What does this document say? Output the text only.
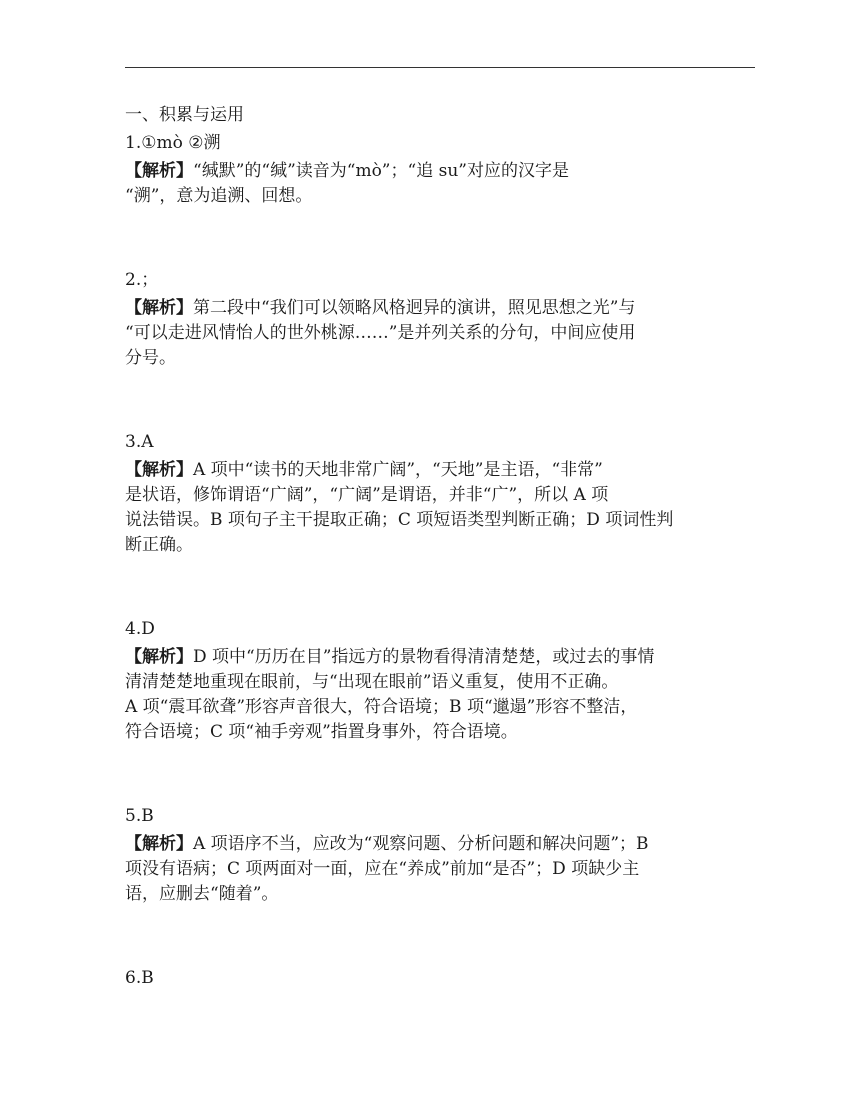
一、积累与运用
1.①mò ②溯
【解析】“缄默”的“缄”读音为“mò”；“追 su”对应的汉字是
“溯”，意为追溯、回想。
2.；
【解析】第二段中“我们可以领略风格迥异的演讲，照见思想之光”与
“可以走进风情怡人的世外桃源……”是并列关系的分句，中间应使用
分号。
3.A
【解析】A 项中“读书的天地非常广阔”，“天地”是主语，“非常”
是状语，修饰谓语“广阔”，“广阔”是谓语，并非“广”，所以 A 项
说法错误。B 项句子主干提取正确；C 项短语类型判断正确；D 项词性判
断正确。
4.D
【解析】D 项中“历历在目”指远方的景物看得清清楚楚，或过去的事情
清清楚楚地重现在眼前，与“出现在眼前”语义重复，使用不正确。
A 项“震耳欲聋”形容声音很大，符合语境；B 项“邋遢”形容不整洁，
符合语境；C 项“袖手旁观”指置身事外，符合语境。
5.B
【解析】A 项语序不当，应改为“观察问题、分析问题和解决问题”；B
项没有语病；C 项两面对一面，应在“养成”前加“是否”；D 项缺少主
语，应删去“随着”。
6.B
